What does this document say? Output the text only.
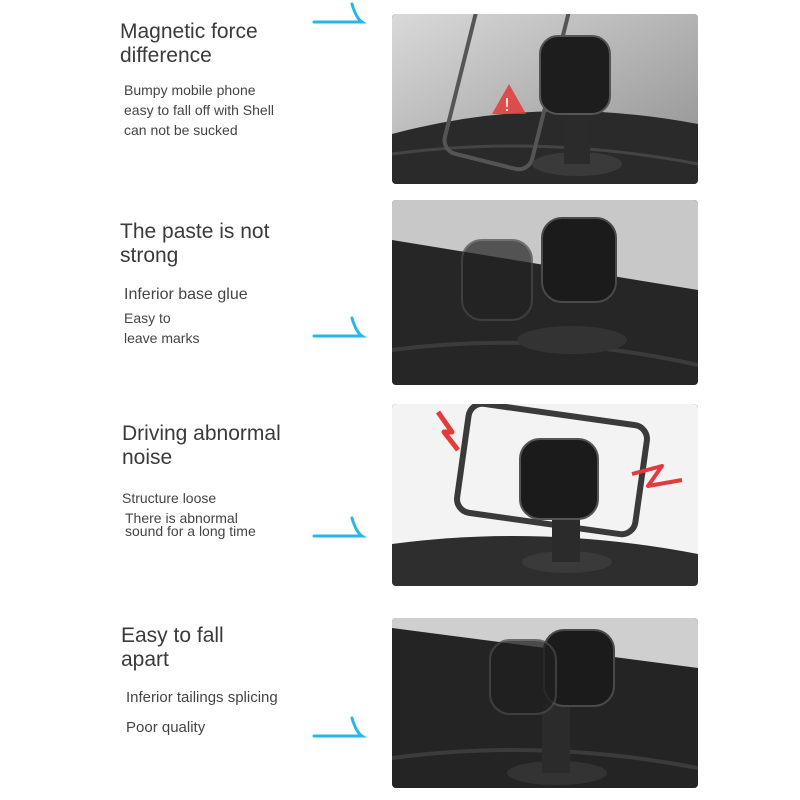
Magnetic force
difference

Bumpy mobile phone
easy to fall off with Shell
can not be sucked

!
The paste is not
strong

Inferior base glue

Easy to
leave marks

Driving abnormal
noise

Structure loose

There is abnormal
sound for a long time

Easy to fall
apart

Inferior tailings splicing

Poor quality
